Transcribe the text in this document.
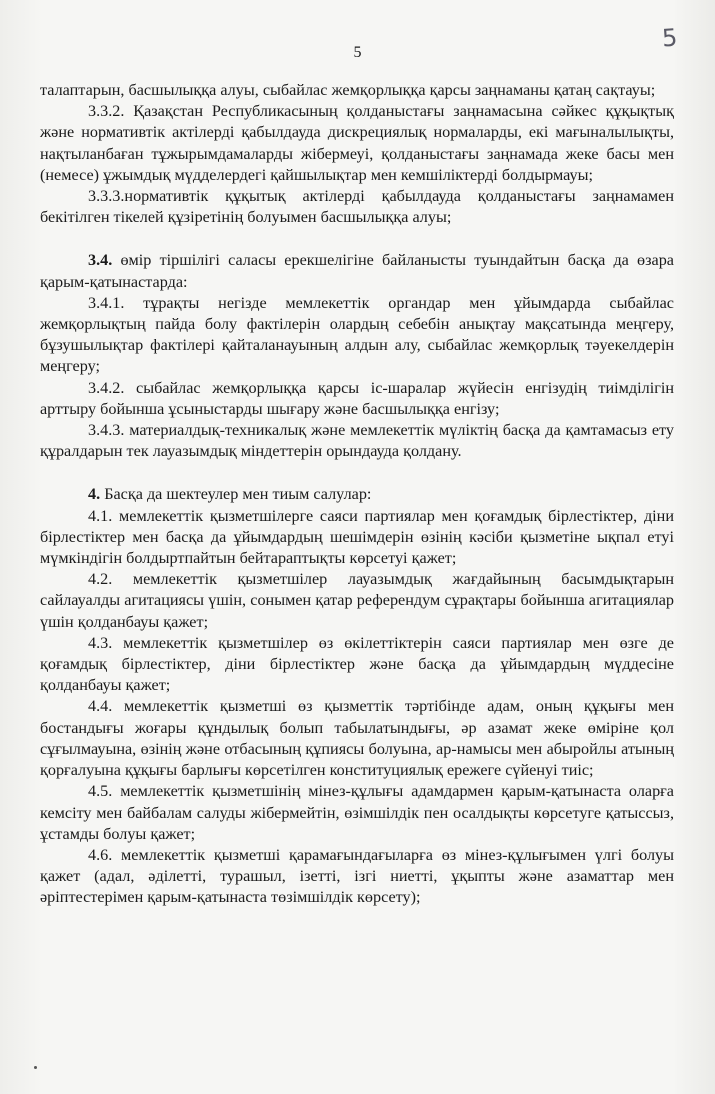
5
5

талаптарын, басшылыққа алуы, сыбайлас жемқорлыққа қарсы заңнаманы қатаң сақтауы;

3.3.2. Қазақстан Республикасының қолданыстағы заңнамасына сәйкес құқықтық және нормативтік актілерді қабылдауда дискрециялық нормаларды, екі мағыналылықты, нақтыланбаған тұжырымдамаларды жібермеуі, қолданыстағы заңнамада жеке басы мен (немесе) ұжымдық мүдделердегі қайшылықтар мен кемшіліктерді болдырмауы;

3.3.3.нормативтік құқытық актілерді қабылдауда қолданыстағы заңнамамен бекітілген тікелей құзіретінің болуымен басшылыққа алуы;

3.4. өмір тіршілігі саласы ерекшелігіне байланысты туындайтын басқа да өзара қарым-қатынастарда:

3.4.1. тұрақты негізде мемлекеттік органдар мен ұйымдарда сыбайлас жемқорлықтың пайда болу фактілерін олардың себебін анықтау мақсатында меңгеру, бұзушылықтар фактілері қайталанауының алдын алу, сыбайлас жемқорлық тәуекелдерін меңгеру;

3.4.2. сыбайлас жемқорлыққа қарсы іс-шаралар жүйесін енгізудің тиімділігін арттыру бойынша ұсыныстарды шығару және басшылыққа енгізу;

3.4.3. материалдық-техникалық және мемлекеттік мүліктің басқа да қамтамасыз ету құралдарын тек лауазымдық міндеттерін орындауда қолдану.

4. Басқа да шектеулер мен тиым салулар:

4.1. мемлекеттік қызметшілерге саяси партиялар мен қоғамдық бірлестіктер, діни бірлестіктер мен басқа да ұйымдардың шешімдерін өзінің кәсіби қызметіне ықпал етуі мүмкіндігін болдыртпайтын бейтараптықты көрсетуі қажет;

4.2. мемлекеттік қызметшілер лауазымдық жағдайының басымдықтарын сайлауалды агитациясы үшін, сонымен қатар референдум сұрақтары бойынша агитациялар үшін қолданбауы қажет;

4.3. мемлекеттік қызметшілер өз өкілеттіктерін саяси партиялар мен өзге де қоғамдық бірлестіктер, діни бірлестіктер және басқа да ұйымдардың мүддесіне қолданбауы қажет;

4.4. мемлекеттік қызметші өз қызметтік тәртібінде адам, оның құқығы мен бостандығы жоғары құндылық болып табылатындығы, әр азамат жеке өміріне қол сұғылмауына, өзінің және отбасының құпиясы болуына, ар-намысы мен абыройлы атының қорғалуына құқығы барлығы көрсетілген конституциялық ережеге сүйенуі тиіс;

4.5. мемлекеттік қызметшінің мінез-құлығы адамдармен қарым-қатынаста оларға кемсіту мен байбалам салуды жібермейтін, өзімшілдік пен осалдықты көрсетуге қатыссыз, ұстамды болуы қажет;

4.6. мемлекеттік қызметші қарамағындағыларға өз мінез-құлығымен үлгі болуы қажет (адал, әділетті, турашыл, ізетті, ізгі ниетті, ұқыпты және азаматтар мен әріптестерімен қарым-қатынаста төзімшілдік көрсету);
